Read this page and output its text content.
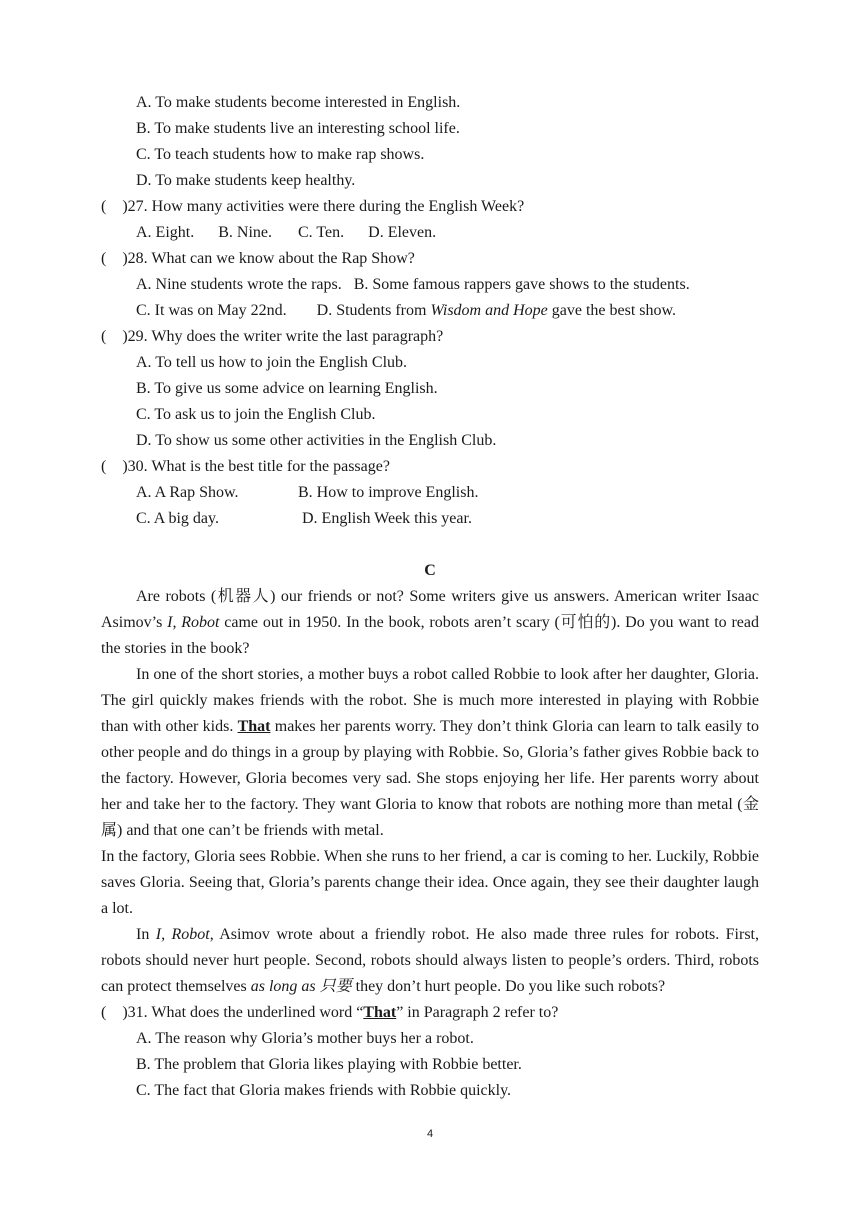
A. To make students become interested in English.
B. To make students live an interesting school life.
C. To teach students how to make rap shows.
D. To make students keep healthy.
(    )27. How many activities were there during the English Week?
A. Eight. B. Nine. C. Ten. D. Eleven.
(    )28. What can we know about the Rap Show?
A. Nine students wrote the raps. B. Some famous rappers gave shows to the students.
C. It was on May 22nd. D. Students from Wisdom and Hope gave the best show.
(    )29. Why does the writer write the last paragraph?
A. To tell us how to join the English Club.
B. To give us some advice on learning English.
C. To ask us to join the English Club.
D. To show us some other activities in the English Club.
(    )30. What is the best title for the passage?
A. A Rap Show.	B. How to improve English.
C. A big day.	D. English Week this year.
C

Are robots (机器人) our friends or not? Some writers give us answers. American writer Isaac Asimov’s I, Robot came out in 1950. In the book, robots aren’t scary (可怕的). Do you want to read the stories in the book?

In one of the short stories, a mother buys a robot called Robbie to look after her daughter, Gloria. The girl quickly makes friends with the robot. She is much more interested in playing with Robbie than with other kids. That makes her parents worry. They don’t think Gloria can learn to talk easily to other people and do things in a group by playing with Robbie. So, Gloria’s father gives Robbie back to the factory. However, Gloria becomes very sad. She stops enjoying her life. Her parents worry about her and take her to the factory. They want Gloria to know that robots are nothing more than metal (金属) and that one can’t be friends with metal.

In the factory, Gloria sees Robbie. When she runs to her friend, a car is coming to her. Luckily, Robbie saves Gloria. Seeing that, Gloria’s parents change their idea. Once again, they see their daughter laugh a lot.

In I, Robot, Asimov wrote about a friendly robot. He also made three rules for robots. First, robots should never hurt people. Second, robots should always listen to people’s orders. Third, robots can protect themselves as long as 只要 they don’t hurt people. Do you like such robots?

(    )31. What does the underlined word “That” in Paragraph 2 refer to?
A. The reason why Gloria’s mother buys her a robot.
B. The problem that Gloria likes playing with Robbie better.
C. The fact that Gloria makes friends with Robbie quickly.
4
